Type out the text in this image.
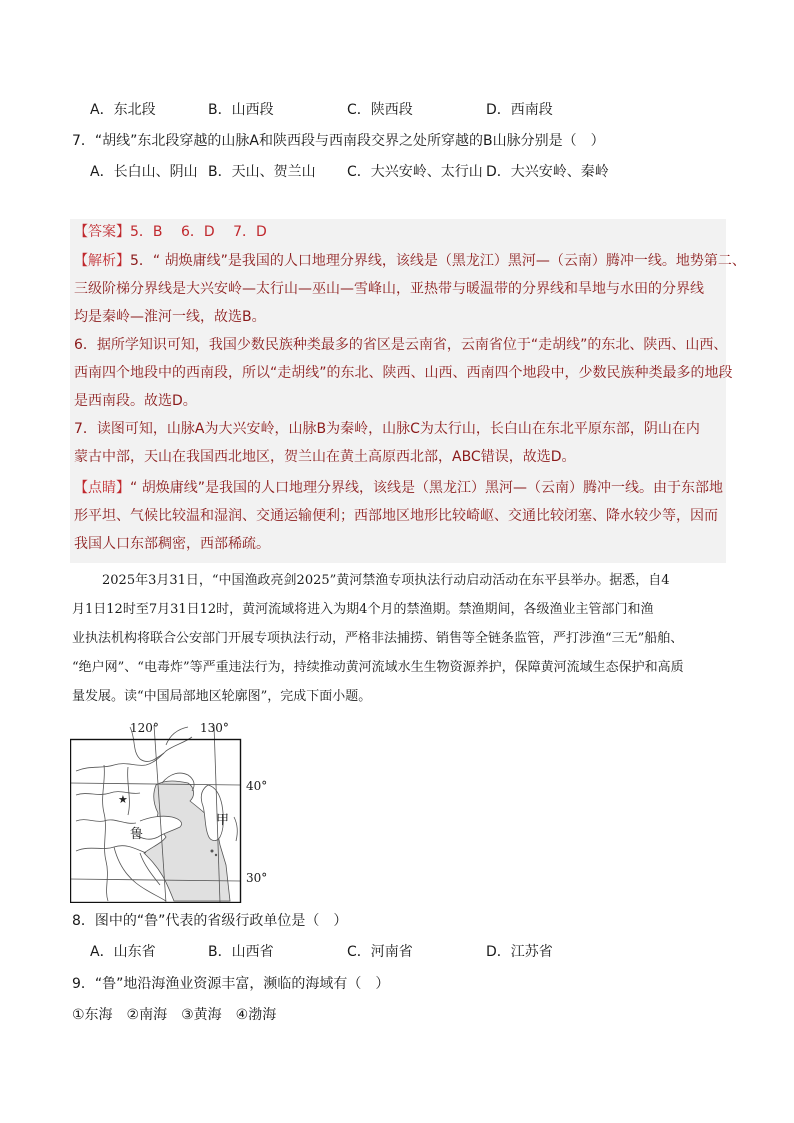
A．东北段	B．山西段	C．陕西段	D．西南段
7．“胡线”东北段穿越的山脉A和陕西段与西南段交界之处所穿越的B山脉分别是（　）
A．长白山、阴山 B．天山、贺兰山 C．大兴安岭、太行山 D．大兴安岭、秦岭
【答案】5．B　 6．D　 7．D
【解析】5．“ 胡焕庸线”是我国的人口地理分界线，该线是（黑龙江）黑河—（云南）腾冲一线。地势第二、
三级阶梯分界线是大兴安岭—太行山—巫山—雪峰山，亚热带与暖温带的分界线和旱地与水田的分界线
均是秦岭—淮河一线，故选B。
6．据所学知识可知，我国少数民族种类最多的省区是云南省，云南省位于“走胡线”的东北、陕西、山西、
西南四个地段中的西南段，所以“走胡线”的东北、陕西、山西、西南四个地段中，少数民族种类最多的地段
是西南段。故选D。
7．读图可知，山脉A为大兴安岭，山脉B为秦岭，山脉C为太行山，长白山在东北平原东部，阴山在内
蒙古中部，天山在我国西北地区，贺兰山在黄土高原西北部，ABC错误，故选D。
【点睛】“ 胡焕庸线”是我国的人口地理分界线，该线是（黑龙江）黑河—（云南）腾冲一线。由于东部地
形平坦、气候比较温和湿润、交通运输便利；西部地区地形比较崎岖、交通比较闭塞、降水较少等，因而
我国人口东部稠密，西部稀疏。
2025年3月31日，“中国渔政亮剑2025”黄河禁渔专项执法行动启动活动在东平县举办。据悉，自4
月1日12时至7月31日12时，黄河流域将进入为期4个月的禁渔期。禁渔期间，各级渔业主管部门和渔
业执法机构将联合公安部门开展专项执法行动，严格非法捕捞、销售等全链条监管，严打涉渔“三无”船舶、
“绝户网”、“电毒炸”等严重违法行为，持续推动黄河流域水生生物资源养护，保障黄河流域生态保护和高质
量发展。读“中国局部地区轮廓图”，完成下面小题。
★
120°	130°
40°
30°
鲁
甲
8．图中的“鲁”代表的省级行政单位是（　）
A．山东省	B．山西省	C．河南省	D．江苏省
9．“鲁”地沿海渔业资源丰富，濒临的海域有（　）
①东海　②南海　③黄海　④渤海
